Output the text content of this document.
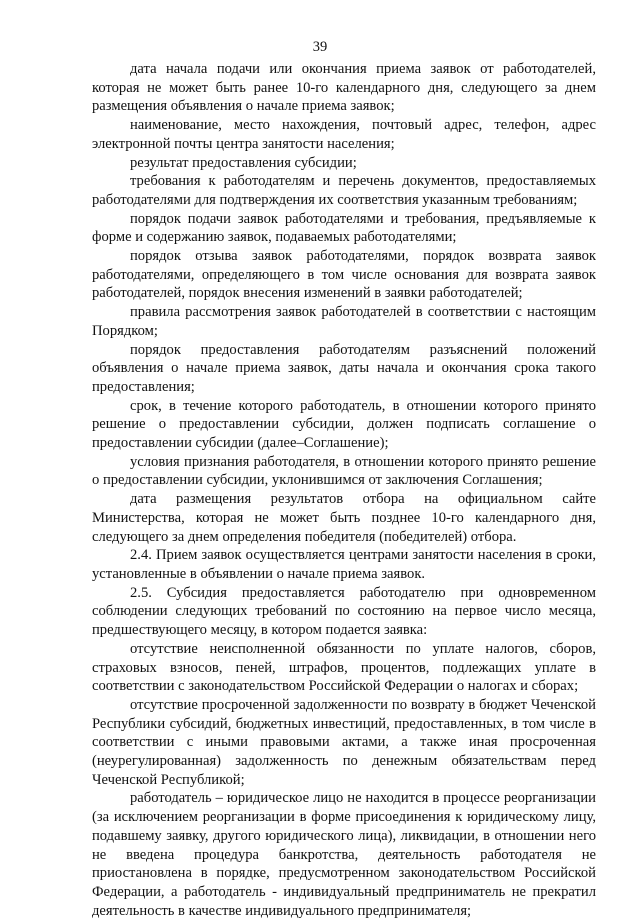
39

дата начала подачи или окончания приема заявок от работодателей, которая не может быть ранее 10-го календарного дня, следующего за днем размещения объявления о начале приема заявок;

наименование, место нахождения, почтовый адрес, телефон, адрес электронной почты центра занятости населения;

результат предоставления субсидии;

требования к работодателям и перечень документов, предоставляемых работодателями для подтверждения их соответствия указанным требованиям;

порядок подачи заявок работодателями и требования, предъявляемые к форме и содержанию заявок, подаваемых работодателями;

порядок отзыва заявок работодателями, порядок возврата заявок работодателями, определяющего в том числе основания для возврата заявок работодателей, порядок внесения изменений в заявки работодателей;

правила рассмотрения заявок работодателей в соответствии с настоящим Порядком;

порядок предоставления работодателям разъяснений положений объявления о начале приема заявок, даты начала и окончания срока такого предоставления;

срок, в течение которого работодатель, в отношении которого принято решение о предоставлении субсидии, должен подписать соглашение о предоставлении субсидии (далее–Соглашение);

условия признания работодателя, в отношении которого принято решение о предоставлении субсидии, уклонившимся от заключения Соглашения;

дата размещения результатов отбора на официальном сайте Министерства, которая не может быть позднее 10-го календарного дня, следующего за днем определения победителя (победителей) отбора.

2.4. Прием заявок осуществляется центрами занятости населения в сроки, установленные в объявлении о начале приема заявок.

2.5. Субсидия предоставляется работодателю при одновременном соблюдении следующих требований по состоянию на первое число месяца, предшествующего месяцу, в котором подается заявка:

отсутствие неисполненной обязанности по уплате налогов, сборов, страховых взносов, пеней, штрафов, процентов, подлежащих уплате в соответствии с законодательством Российской Федерации о налогах и сборах;

отсутствие просроченной задолженности по возврату в бюджет Чеченской Республики субсидий, бюджетных инвестиций, предоставленных, в том числе в соответствии с иными правовыми актами, а также иная просроченная (неурегулированная) задолженность по денежным обязательствам перед Чеченской Республикой;

работодатель – юридическое лицо не находится в процессе реорганизации (за исключением реорганизации в форме присоединения к юридическому лицу, подавшему заявку, другого юридического лица), ликвидации, в отношении него не введена процедура банкротства, деятельность работодателя не приостановлена в порядке, предусмотренном законодательством Российской Федерации, а работодатель - индивидуальный предприниматель не прекратил деятельность в качестве индивидуального предпринимателя;
